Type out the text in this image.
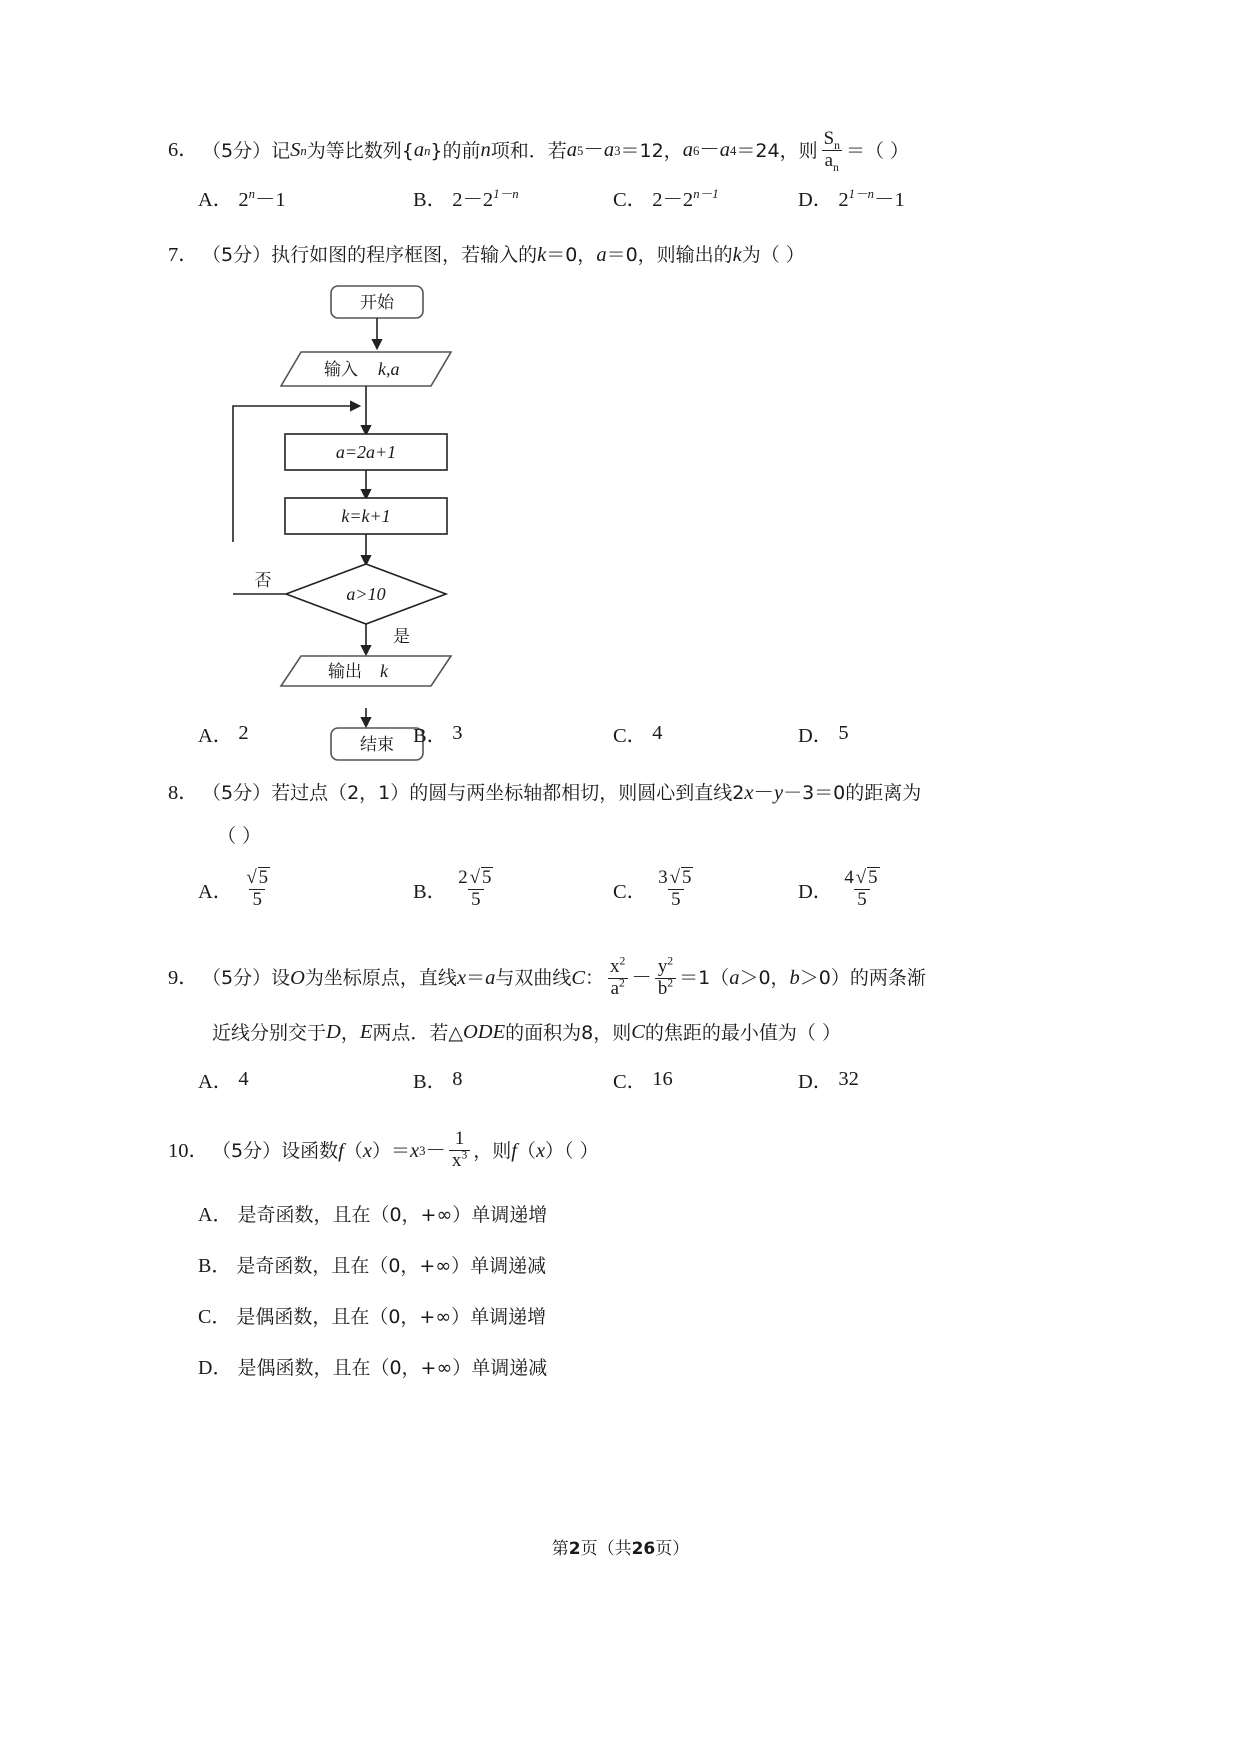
6． （5分） 记 S n 为等比数列{ a n }的前 n 项和．若 a 5 － a 3 ＝12， a 6 － a 4 ＝24， 则 $\frac{S_n}{a_n}$ ＝（ ）
A． $2^n-1$	B． $2-2^{1-n}$	C． $2-2^{n-1}$	D． $2^{1-n}-1$
7． （5分） 执行如图的程序框图，若输入的 k ＝0， a ＝0，则输出的 k 为（ ）
开始
输入 k,a
a=2a+1
k=k+1
a>10
否
是
输出 k
结束
A． 2	B． 3	C． 4	D． 5
8． （5分） 若过点（2，1）的圆与两坐标轴都相切，则圆心到直线2 x － y －3＝0的距离为
（ ）
A． $\frac{√ 5}{5}$	B． $\frac{2 √ 5}{5}$	C． $\frac{3 √ 5}{5}$	D． $\frac{4 √ 5}{5}$
9． （5分） 设 O 为坐标原点，直线 x ＝ a 与双曲线 C ： $\frac{x^2}{a^2} - \frac{y^2}{b^2} =1$（ a ＞0， b ＞0）的两条渐
近线分别交于 D ， E 两点．若△ ODE 的面积为8，则 C 的焦距的最小值为（ ）
A． 4	B． 8	C． 16	D． 32
10． （5分） 设函数 f （ x ）＝ x $3 - \frac{1}{x^3}$ ，则 f （ x ）（ ）
A． 是奇函数，且在（0，+∞）单调递增
B． 是奇函数，且在（0，+∞）单调递减
C． 是偶函数，且在（0，+∞）单调递增
D． 是偶函数，且在（0，+∞）单调递减
第2页（共26页）
